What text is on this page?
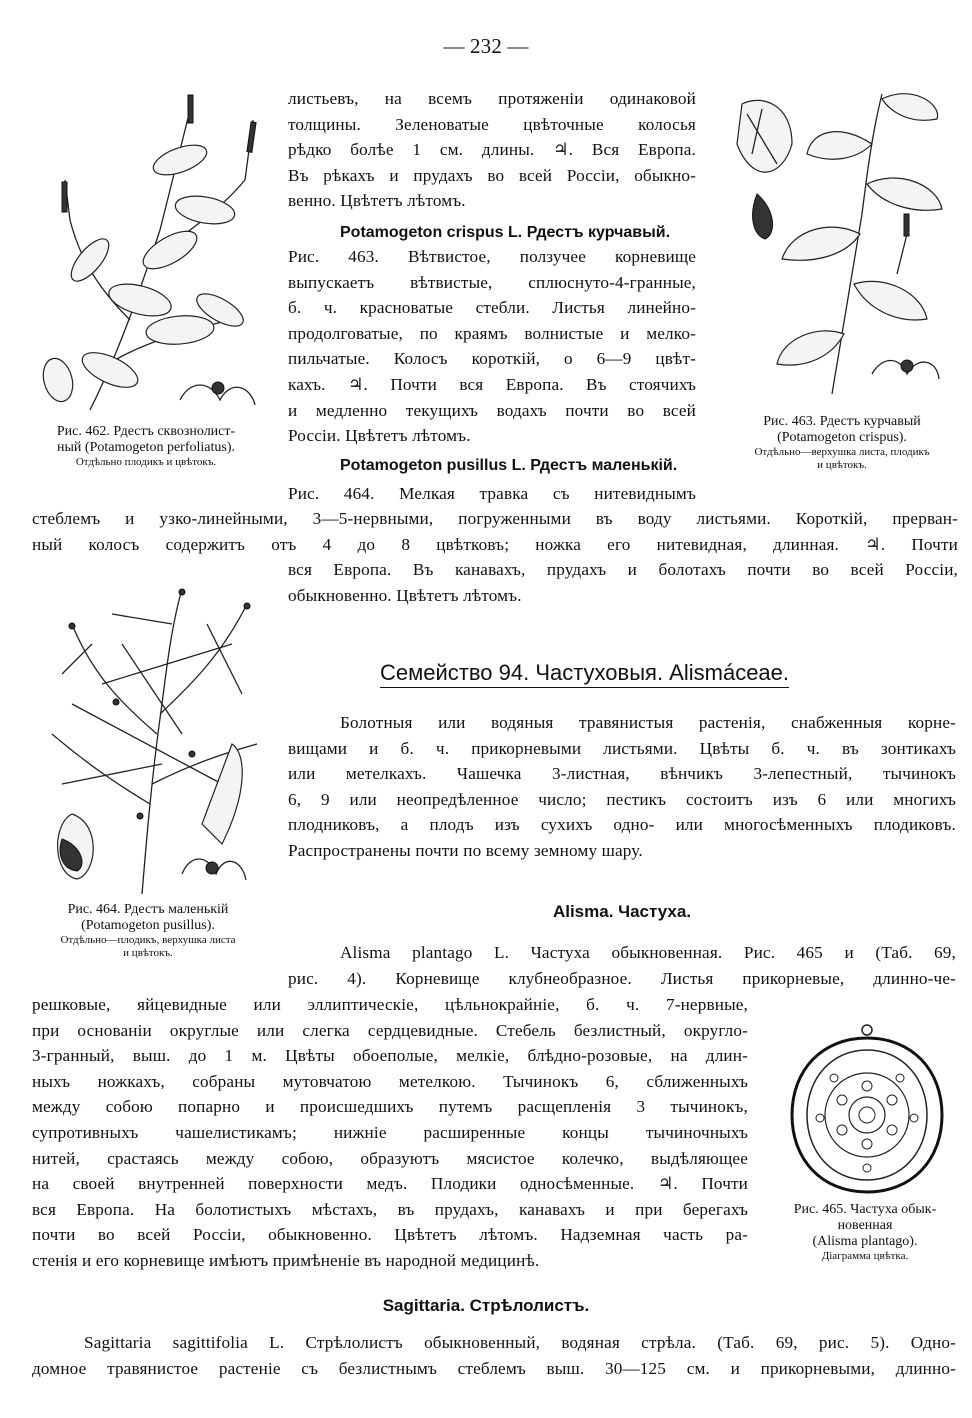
— 232 —
Рис. 462. Рдестъ сквознолист-
ный (Potamogeton perfoliatus).
Отдѣльно плодикъ и цвѣтокъ.
Рис. 463. Рдестъ курчавый
(Potamogeton crispus).
Отдѣльно—верхушка листа, плодикъ
и цвѣтокъ.
листьевъ, на всемъ протяженіи одинаковой
толщины. Зеленоватые цвѣточные колосья
рѣдко болѣе 1 см. длины. ♃. Вся Европа.
Въ рѣкахъ и прудахъ во всей Россіи, обыкно-
венно. Цвѣтетъ лѣтомъ.
Potamogeton crispus L. Рдестъ курчавый.
Рис. 463. Вѣтвистое, ползучее корневище
выпускаетъ вѣтвистые, сплюснуто-4-гранные,
б. ч. красноватые стебли. Листья линейно-
продолговатые, по краямъ волнистые и мелко-
пильчатые. Колосъ короткій, о 6—9 цвѣт-
кахъ. ♃. Почти вся Европа. Въ стоячихъ
и медленно текущихъ водахъ почти во всей
Россіи. Цвѣтетъ лѣтомъ.
Potamogeton pusillus L. Рдестъ маленькій.
Рис. 464. Мелкая травка съ нитевиднымъ
стеблемъ и узко-линейными, 3—5-нервными, погруженными въ воду листьями. Короткій, прерван-
ный колосъ содержитъ отъ 4 до 8 цвѣтковъ; ножка его нитевидная, длинная. ♃. Почти
вся Европа. Въ канавахъ, прудахъ и болотахъ почти во всей Россіи,
обыкновенно. Цвѣтетъ лѣтомъ.
Рис. 464. Рдестъ маленькій
(Potamogeton pusillus).
Отдѣльно—плодикъ, верхушка листа
и цвѣтокъ.
Семейство 94. Частуховыя. Alismáceae.
Болотныя или водяныя травянистыя растенія, снабженныя корне-
вищами и б. ч. прикорневыми листьями. Цвѣты б. ч. въ зонтикахъ
или метелкахъ. Чашечка 3-листная, вѣнчикъ 3-лепестный, тычинокъ
6, 9 или неопредѣленное число; пестикъ состоитъ изъ 6 или многихъ
плодниковъ, а плодъ изъ сухихъ одно- или многосѣменныхъ плодиковъ.
Распространены почти по всему земному шару.
Alisma. Частуха.
Alisma plantago L. Частуха обыкновенная. Рис. 465 и (Таб. 69,
рис. 4). Корневище клубнеобразное. Листья прикорневые, длинно-че-
решковые, яйцевидные или эллиптическіе, цѣльнокрайніе, б. ч. 7-нервные,
при основаніи округлые или слегка сердцевидные. Стебель безлистный, округло-
3-гранный, выш. до 1 м. Цвѣты обоеполые, мелкіе, блѣдно-розовые, на длин-
ныхъ ножкахъ, собраны мутовчатою метелкою. Тычинокъ 6, сближенныхъ
между собою попарно и происшедшихъ путемъ расщепленія 3 тычинокъ,
супротивныхъ чашелистикамъ; нижніе расширенные концы тычиночныхъ
нитей, срастаясь между собою, образуютъ мясистое колечко, выдѣляющее
на своей внутренней поверхности медъ. Плодики односѣменные. ♃. Почти
вся Европа. На болотистыхъ мѣстахъ, въ прудахъ, канавахъ и при берегахъ
почти во всей Россіи, обыкновенно. Цвѣтетъ лѣтомъ. Надземная часть ра-
стенія и его корневище имѣютъ примѣненіе въ народной медицинѣ.
Рис. 465. Частуха обык-
новенная
(Alisma plantago).
Діаграмма цвѣтка.
Sagittaria. Стрѣлолистъ.
Sagittaria sagittifolia L. Стрѣлолистъ обыкновенный, водяная стрѣла. (Таб. 69, рис. 5). Одно-
домное травянистое растеніе съ безлистнымъ стеблемъ выш. 30—125 см. и прикорневыми, длинно-
